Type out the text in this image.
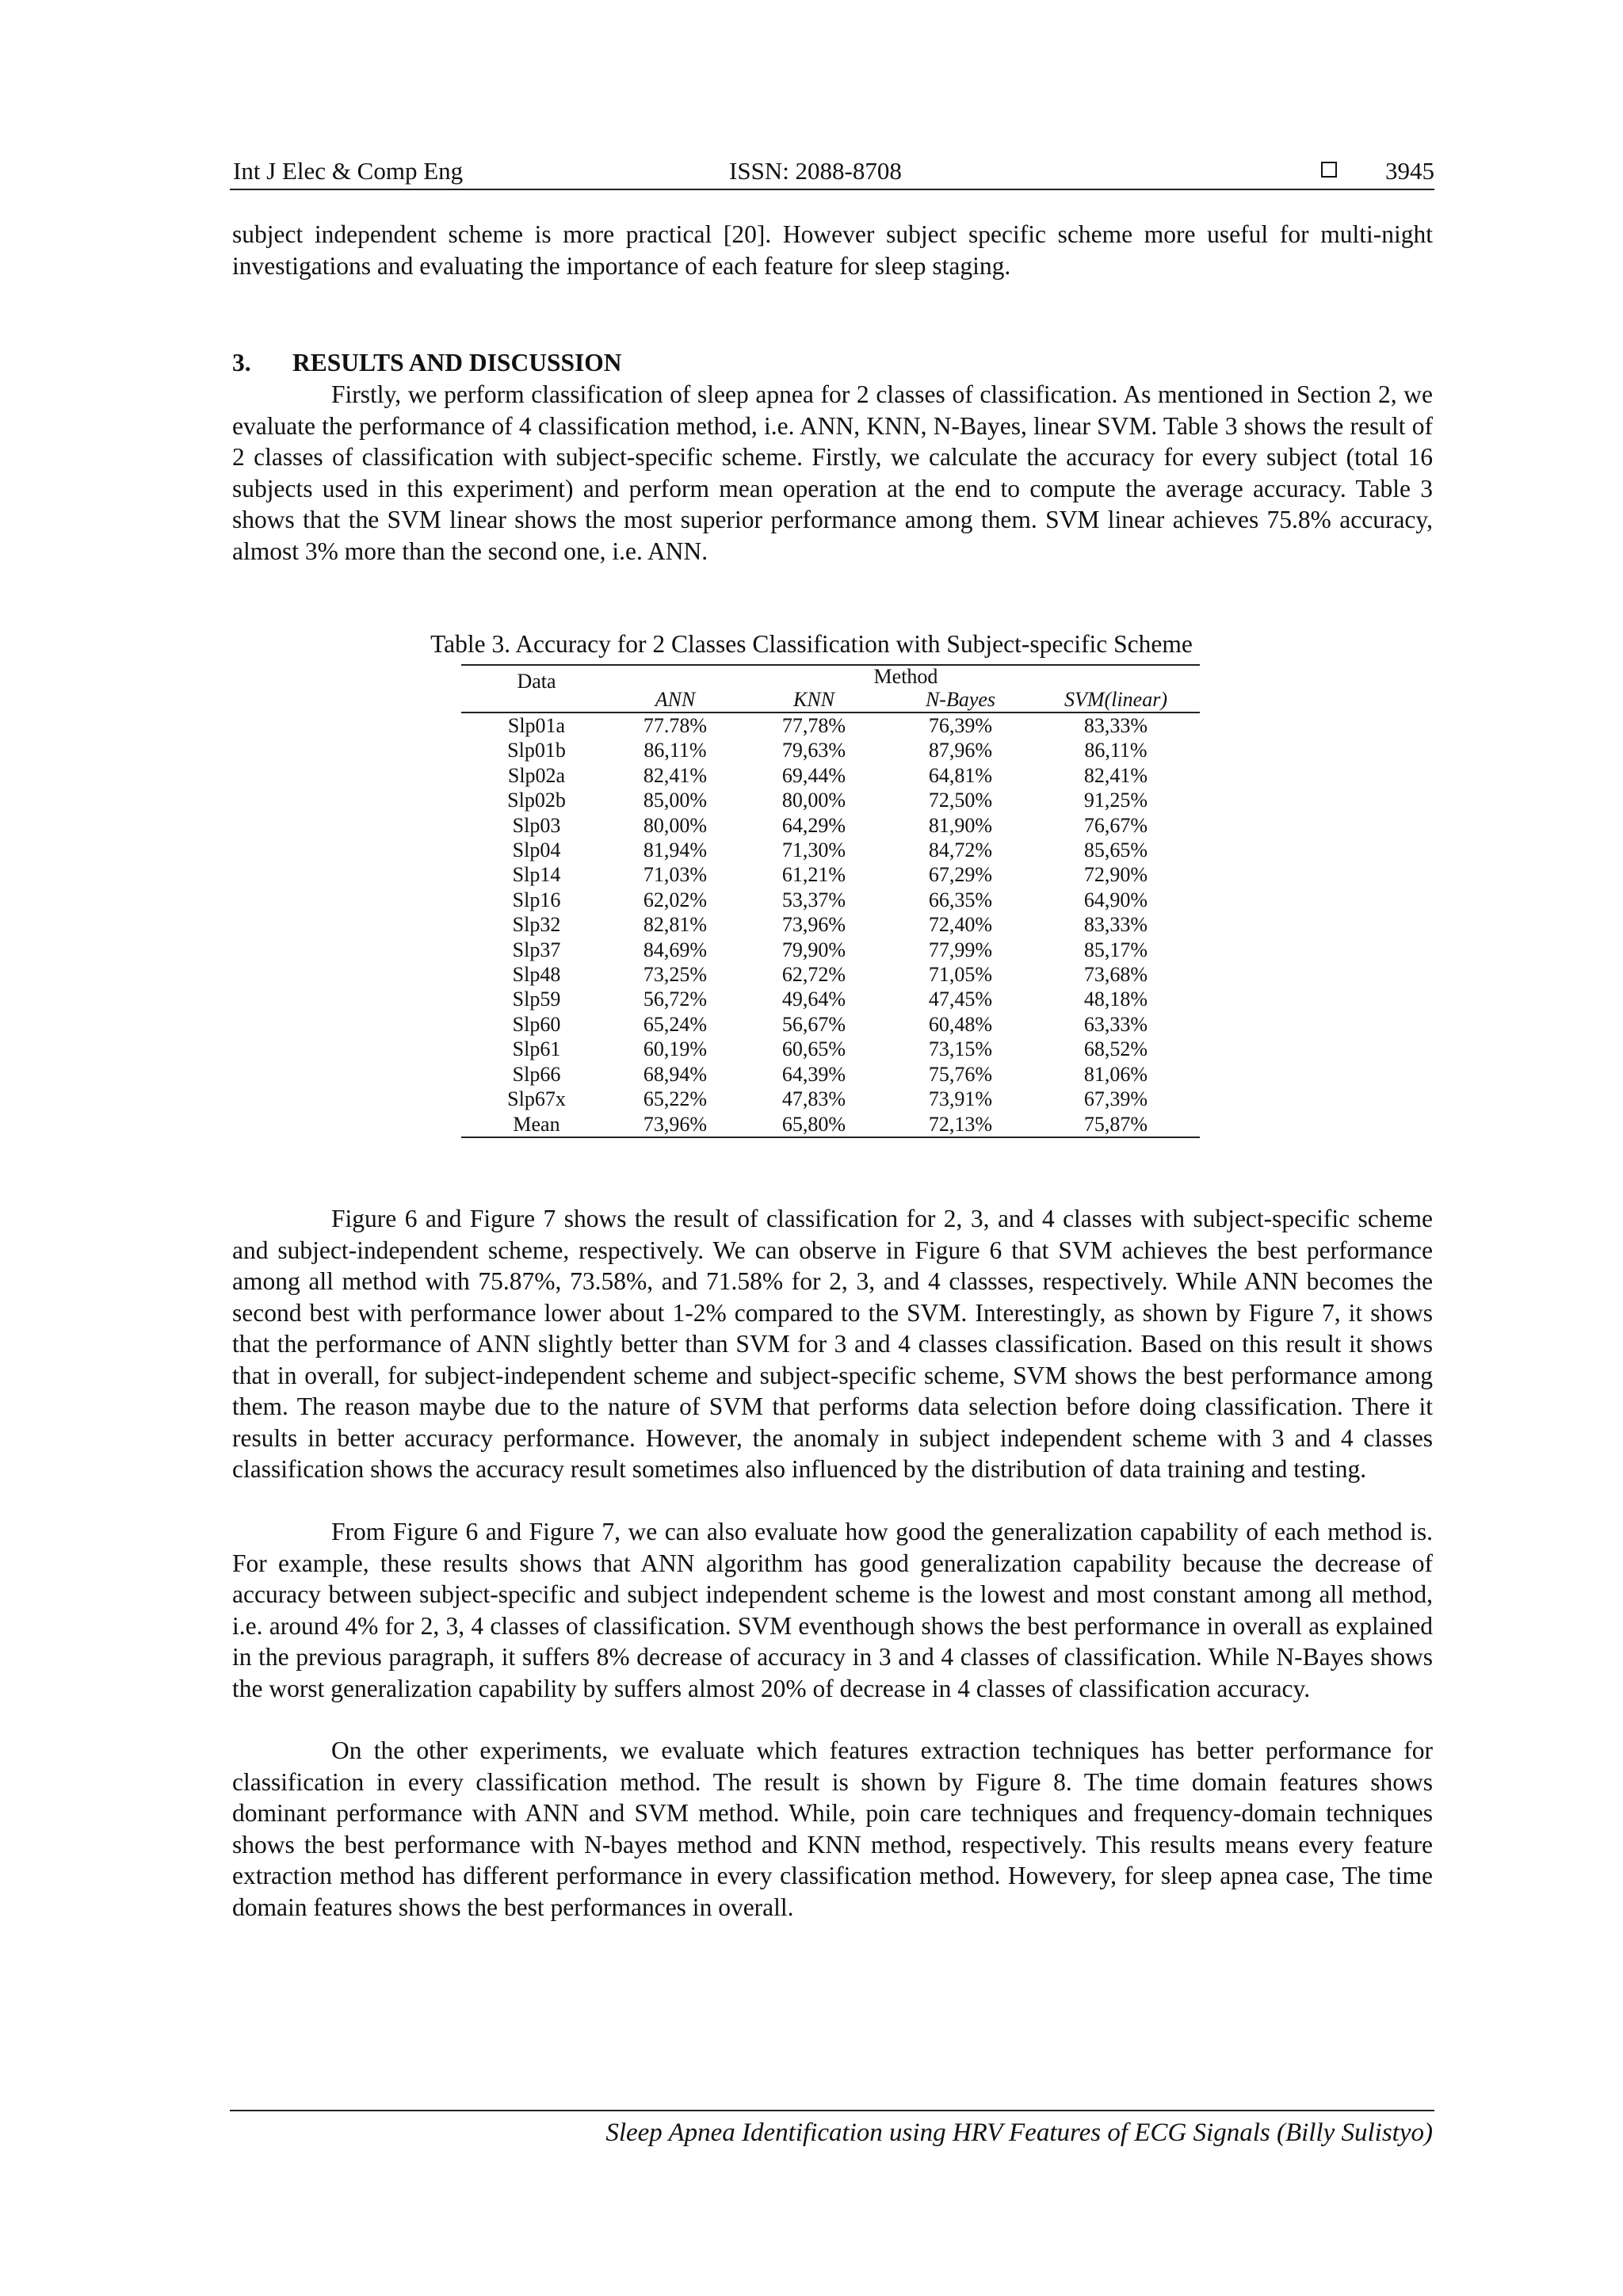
Int J Elec & Comp Eng	ISSN: 2088-8708	3945

subject independent scheme is more practical [20]. However subject specific scheme more useful for multi-night investigations and evaluating the importance of each feature for sleep staging.

3. RESULTS AND DISCUSSION

Firstly, we perform classification of sleep apnea for 2 classes of classification. As mentioned in Section 2, we evaluate the performance of 4 classification method, i.e. ANN, KNN, N-Bayes, linear SVM. Table 3 shows the result of 2 classes of classification with subject-specific scheme. Firstly, we calculate the accuracy for every subject (total 16 subjects used in this experiment) and perform mean operation at the end to compute the average accuracy. Table 3 shows that the SVM linear shows the most superior performance among them. SVM linear achieves 75.8% accuracy, almost 3% more than the second one, i.e. ANN.

Table 3. Accuracy for 2 Classes Classification with Subject-specific Scheme
Data	Method			
	ANN	KNN	N-Bayes	SVM(linear)
Slp01a	77.78%	77,78%	76,39%	83,33%
Slp01b	86,11%	79,63%	87,96%	86,11%
Slp02a	82,41%	69,44%	64,81%	82,41%
Slp02b	85,00%	80,00%	72,50%	91,25%
Slp03	80,00%	64,29%	81,90%	76,67%
Slp04	81,94%	71,30%	84,72%	85,65%
Slp14	71,03%	61,21%	67,29%	72,90%
Slp16	62,02%	53,37%	66,35%	64,90%
Slp32	82,81%	73,96%	72,40%	83,33%
Slp37	84,69%	79,90%	77,99%	85,17%
Slp48	73,25%	62,72%	71,05%	73,68%
Slp59	56,72%	49,64%	47,45%	48,18%
Slp60	65,24%	56,67%	60,48%	63,33%
Slp61	60,19%	60,65%	73,15%	68,52%
Slp66	68,94%	64,39%	75,76%	81,06%
Slp67x	65,22%	47,83%	73,91%	67,39%
Mean	73,96%	65,80%	72,13%	75,87%

Figure 6 and Figure 7 shows the result of classification for 2, 3, and 4 classes with subject-specific scheme and subject-independent scheme, respectively. We can observe in Figure 6 that SVM achieves the best performance among all method with 75.87%, 73.58%, and 71.58% for 2, 3, and 4 classses, respectively. While ANN becomes the second best with performance lower about 1-2% compared to the SVM. Interestingly, as shown by Figure 7, it shows that the performance of ANN slightly better than SVM for 3 and 4 classes classification. Based on this result it shows that in overall, for subject-independent scheme and subject-specific scheme, SVM shows the best performance among them. The reason maybe due to the nature of SVM that performs data selection before doing classification. There it results in better accuracy performance. However, the anomaly in subject independent scheme with 3 and 4 classes classification shows the accuracy result sometimes also influenced by the distribution of data training and testing.

From Figure 6 and Figure 7, we can also evaluate how good the generalization capability of each method is. For example, these results shows that ANN algorithm has good generalization capability because the decrease of accuracy between subject-specific and subject independent scheme is the lowest and most constant among all method, i.e. around 4% for 2, 3, 4 classes of classification. SVM eventhough shows the best performance in overall as explained in the previous paragraph, it suffers 8% decrease of accuracy in 3 and 4 classes of classification. While N-Bayes shows the worst generalization capability by suffers almost 20% of decrease in 4 classes of classification accuracy.

On the other experiments, we evaluate which features extraction techniques has better performance for classification in every classification method. The result is shown by Figure 8. The time domain features shows dominant performance with ANN and SVM method. While, poin care techniques and frequency-domain techniques shows the best performance with N-bayes method and KNN method, respectively. This results means every feature extraction method has different performance in every classification method. Howevery, for sleep apnea case, The time domain features shows the best performances in overall.

Sleep Apnea Identification using HRV Features of ECG Signals (Billy Sulistyo)
